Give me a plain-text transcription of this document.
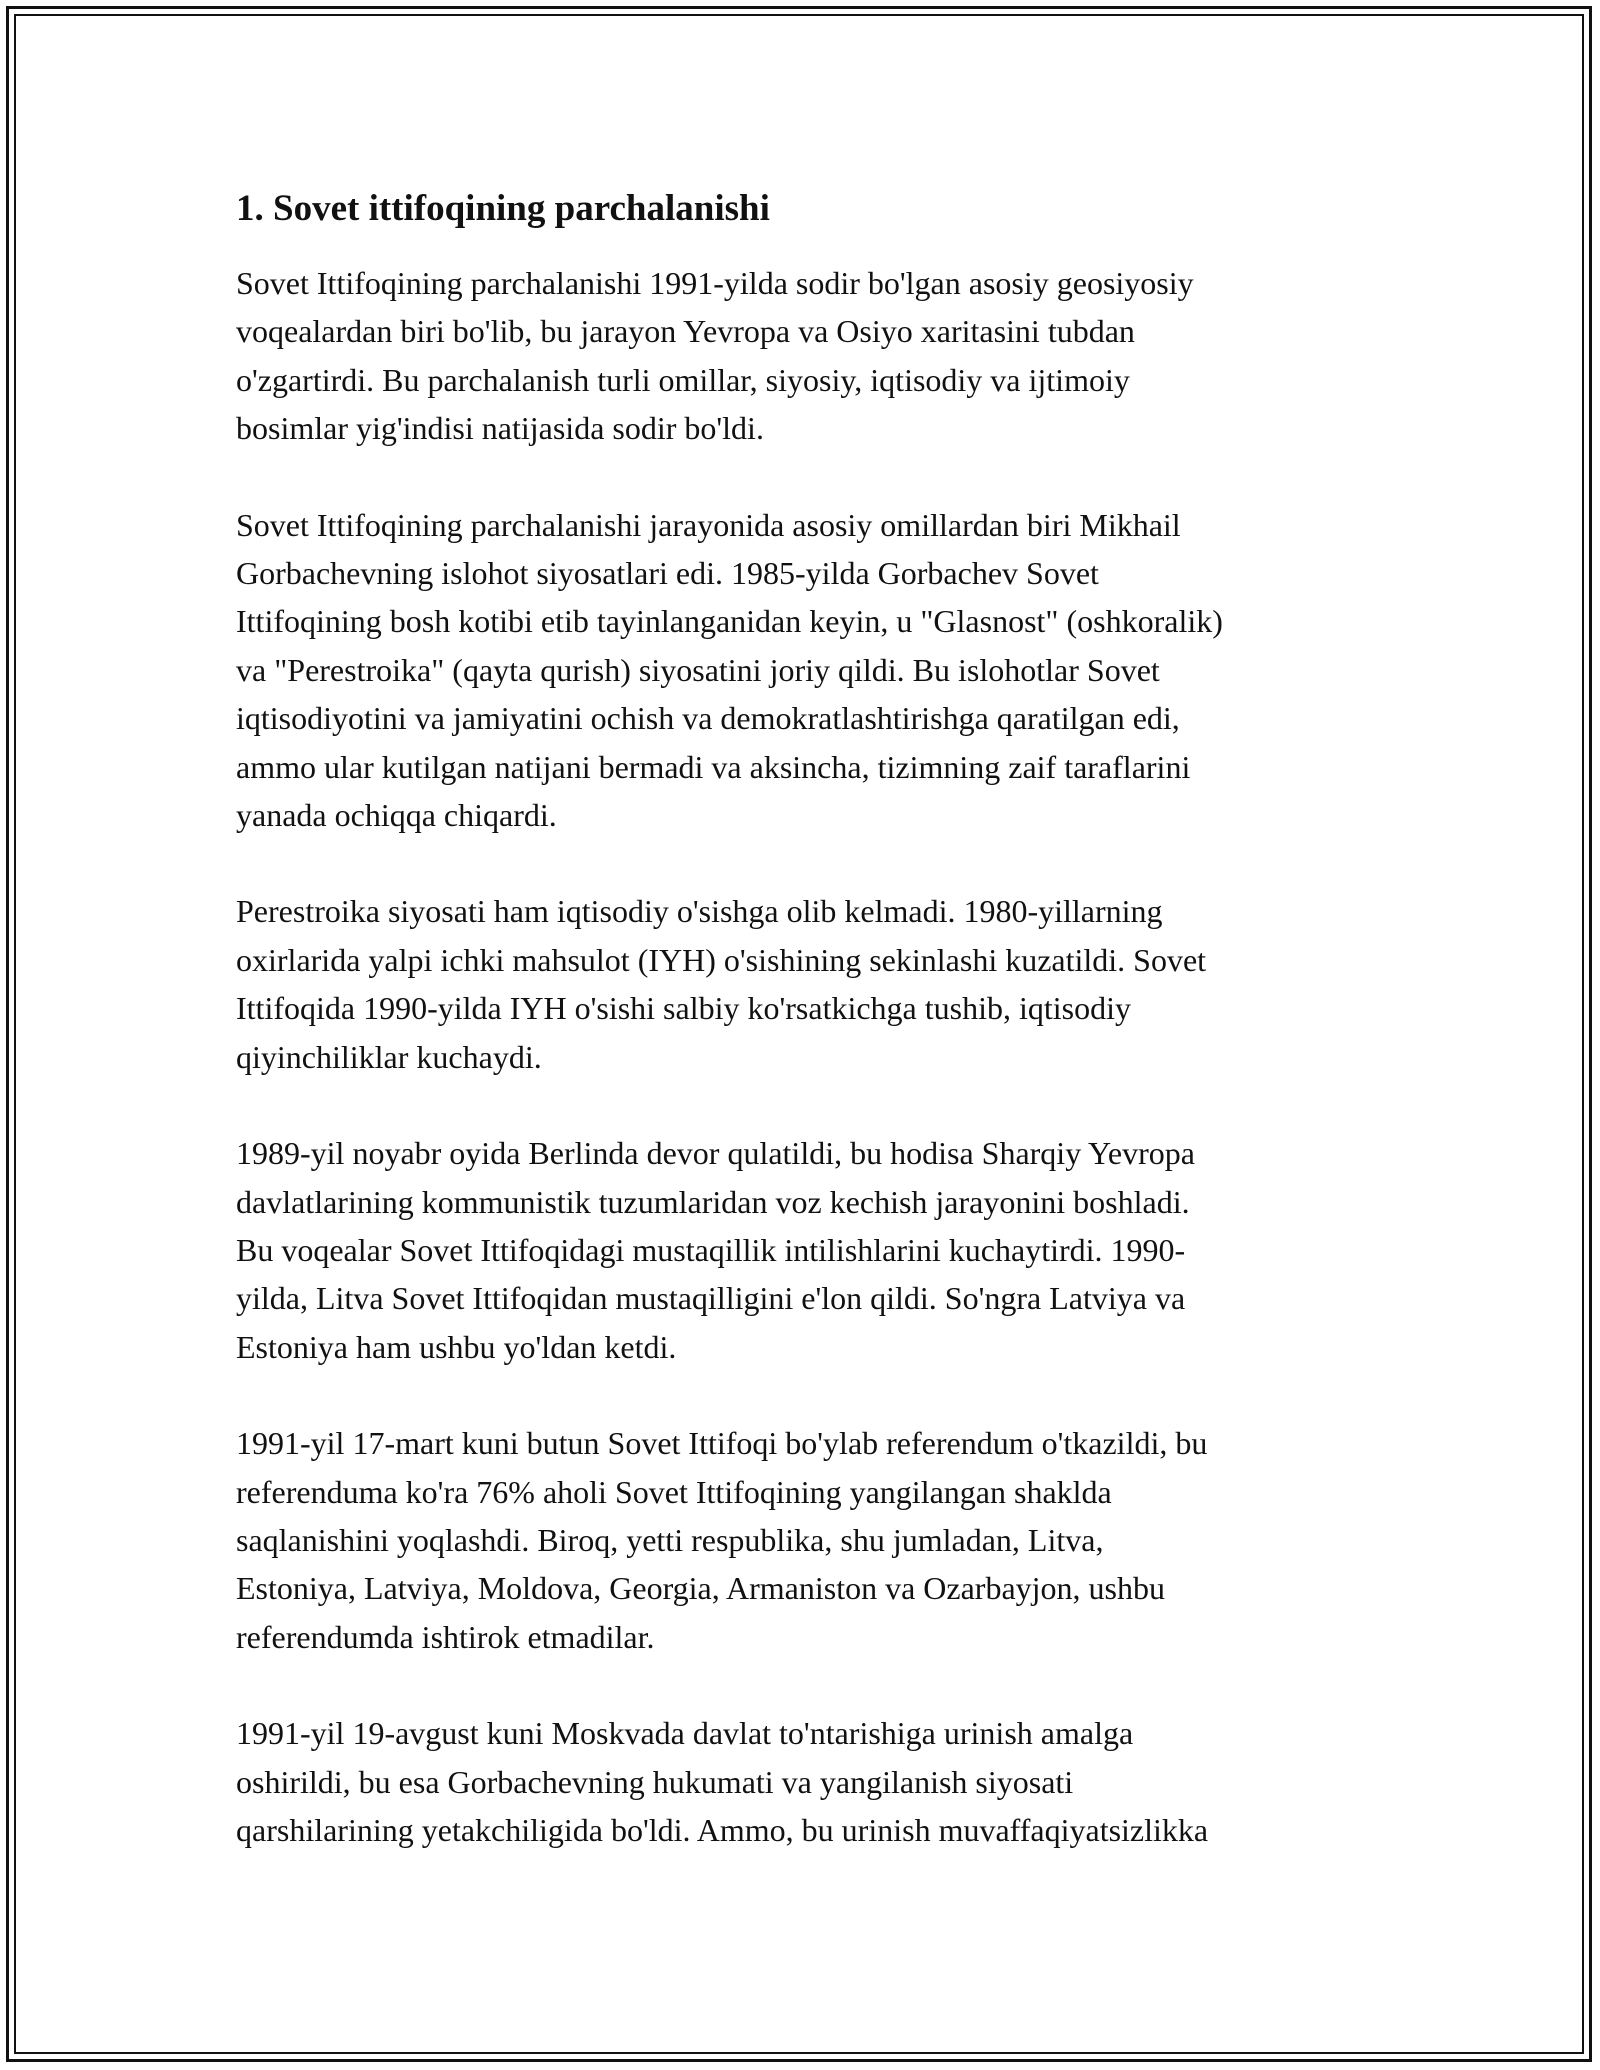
1. Sovet ittifoqining parchalanishi
Sovet Ittifoqining parchalanishi 1991-yilda sodir bo'lgan asosiy geosiyosiy
voqealardan biri bo'lib, bu jarayon Yevropa va Osiyo xaritasini tubdan
o'zgartirdi. Bu parchalanish turli omillar, siyosiy, iqtisodiy va ijtimoiy
bosimlar yig'indisi natijasida sodir bo'ldi.
Sovet Ittifoqining parchalanishi jarayonida asosiy omillardan biri Mikhail
Gorbachevning islohot siyosatlari edi. 1985-yilda Gorbachev Sovet
Ittifoqining bosh kotibi etib tayinlanganidan keyin, u "Glasnost" (oshkoralik)
va "Perestroika" (qayta qurish) siyosatini joriy qildi. Bu islohotlar Sovet
iqtisodiyotini va jamiyatini ochish va demokratlashtirishga qaratilgan edi,
ammo ular kutilgan natijani bermadi va aksincha, tizimning zaif taraflarini
yanada ochiqqa chiqardi.
Perestroika siyosati ham iqtisodiy o'sishga olib kelmadi. 1980-yillarning
oxirlarida yalpi ichki mahsulot (IYH) o'sishining sekinlashi kuzatildi. Sovet
Ittifoqida 1990-yilda IYH o'sishi salbiy ko'rsatkichga tushib, iqtisodiy
qiyinchiliklar kuchaydi.
1989-yil noyabr oyida Berlinda devor qulatildi, bu hodisa Sharqiy Yevropa
davlatlarining kommunistik tuzumlaridan voz kechish jarayonini boshladi.
Bu voqealar Sovet Ittifoqidagi mustaqillik intilishlarini kuchaytirdi. 1990-
yilda, Litva Sovet Ittifoqidan mustaqilligini e'lon qildi. So'ngra Latviya va
Estoniya ham ushbu yo'ldan ketdi.
1991-yil 17-mart kuni butun Sovet Ittifoqi bo'ylab referendum o'tkazildi, bu
referenduma ko'ra 76% aholi Sovet Ittifoqining yangilangan shaklda
saqlanishini yoqlashdi. Biroq, yetti respublika, shu jumladan, Litva,
Estoniya, Latviya, Moldova, Georgia, Armaniston va Ozarbayjon, ushbu
referendumda ishtirok etmadilar.
1991-yil 19-avgust kuni Moskvada davlat to'ntarishiga urinish amalga
oshirildi, bu esa Gorbachevning hukumati va yangilanish siyosati
qarshilarining yetakchiligida bo'ldi. Ammo, bu urinish muvaffaqiyatsizlikka
